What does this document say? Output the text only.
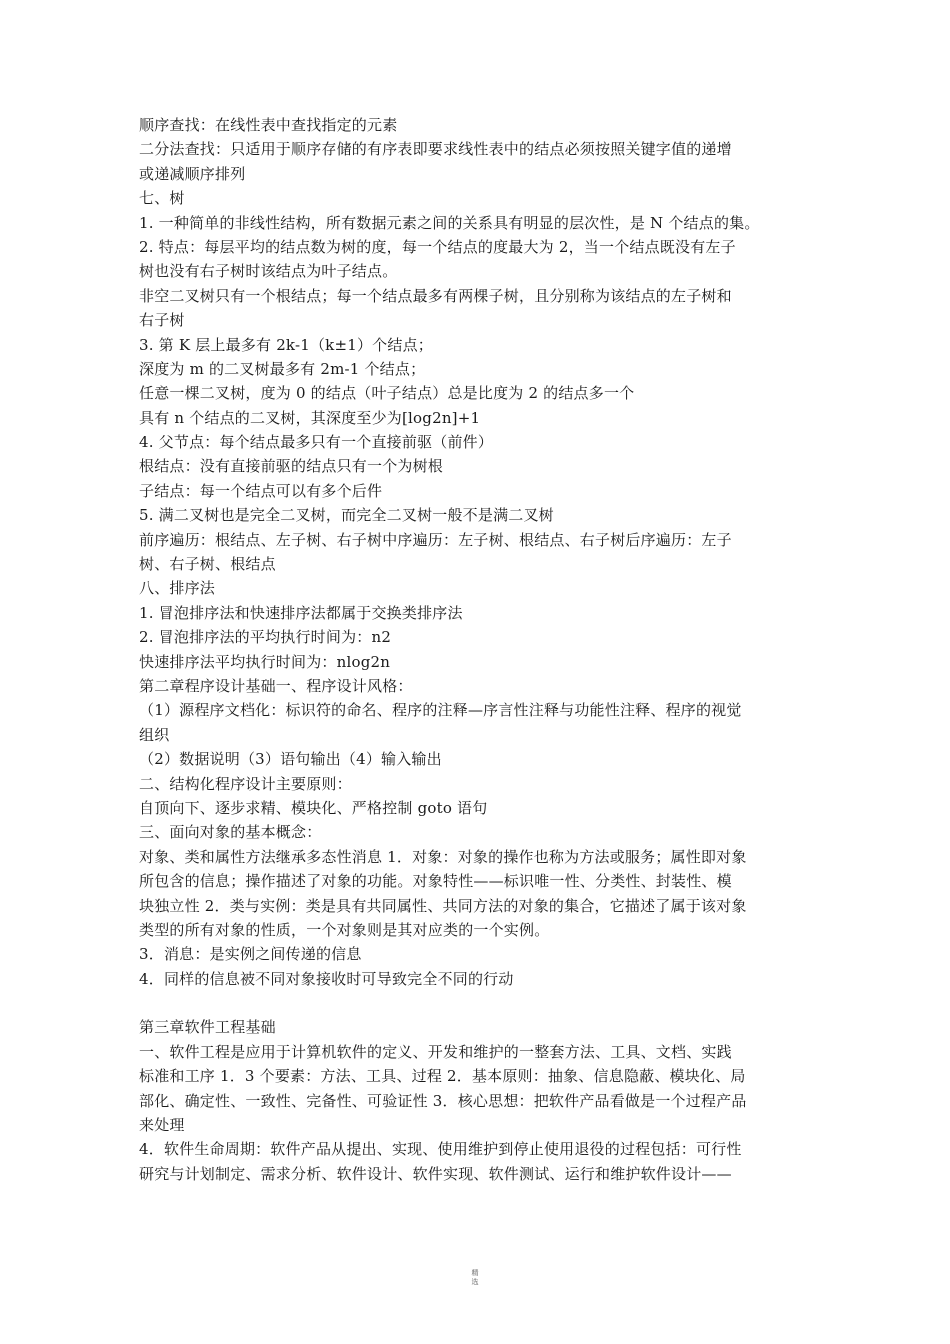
顺序查找：在线性表中查找指定的元素
二分法查找：只适用于顺序存储的有序表即要求线性表中的结点必须按照关键字值的递增
或递减顺序排列
七、树
1. 一种简单的非线性结构，所有数据元素之间的关系具有明显的层次性，是 N 个结点的集。
2. 特点：每层平均的结点数为树的度，每一个结点的度最大为 2，当一个结点既没有左子
树也没有右子树时该结点为叶子结点。
非空二叉树只有一个根结点；每一个结点最多有两棵子树，且分别称为该结点的左子树和
右子树
3. 第 K 层上最多有 2k-1（k±1）个结点；
深度为 m 的二叉树最多有 2m-1 个结点；
任意一棵二叉树，度为 0 的结点（叶子结点）总是比度为 2 的结点多一个
具有 n 个结点的二叉树，其深度至少为[log2n]+1
4. 父节点：每个结点最多只有一个直接前驱（前件）
根结点：没有直接前驱的结点只有一个为树根
子结点：每一个结点可以有多个后件
5. 满二叉树也是完全二叉树，而完全二叉树一般不是满二叉树
前序遍历：根结点、左子树、右子树中序遍历：左子树、根结点、右子树后序遍历：左子
树、右子树、根结点
八、排序法
1. 冒泡排序法和快速排序法都属于交换类排序法
2. 冒泡排序法的平均执行时间为：n2
快速排序法平均执行时间为：nlog2n
第二章程序设计基础一、程序设计风格：
（1）源程序文档化：标识符的命名、程序的注释—序言性注释与功能性注释、程序的视觉
组织
（2）数据说明（3）语句输出（4）输入输出
二、结构化程序设计主要原则：
自顶向下、逐步求精、模块化、严格控制 goto 语句
三、面向对象的基本概念：
对象、类和属性方法继承多态性消息 1．对象：对象的操作也称为方法或服务；属性即对象
所包含的信息；操作描述了对象的功能。对象特性——标识唯一性、分类性、封装性、模
块独立性 2．类与实例：类是具有共同属性、共同方法的对象的集合，它描述了属于该对象
类型的所有对象的性质，一个对象则是其对应类的一个实例。
3．消息：是实例之间传递的信息
4．同样的信息被不同对象接收时可导致完全不同的行动
第三章软件工程基础
一、软件工程是应用于计算机软件的定义、开发和维护的一整套方法、工具、文档、实践
标准和工序 1．3 个要素：方法、工具、过程 2．基本原则：抽象、信息隐蔽、模块化、局
部化、确定性、一致性、完备性、可验证性 3．核心思想：把软件产品看做是一个过程产品
来处理
4．软件生命周期：软件产品从提出、实现、使用维护到停止使用退役的过程包括：可行性
研究与计划制定、需求分析、软件设计、软件实现、软件测试、运行和维护软件设计——
精
选
